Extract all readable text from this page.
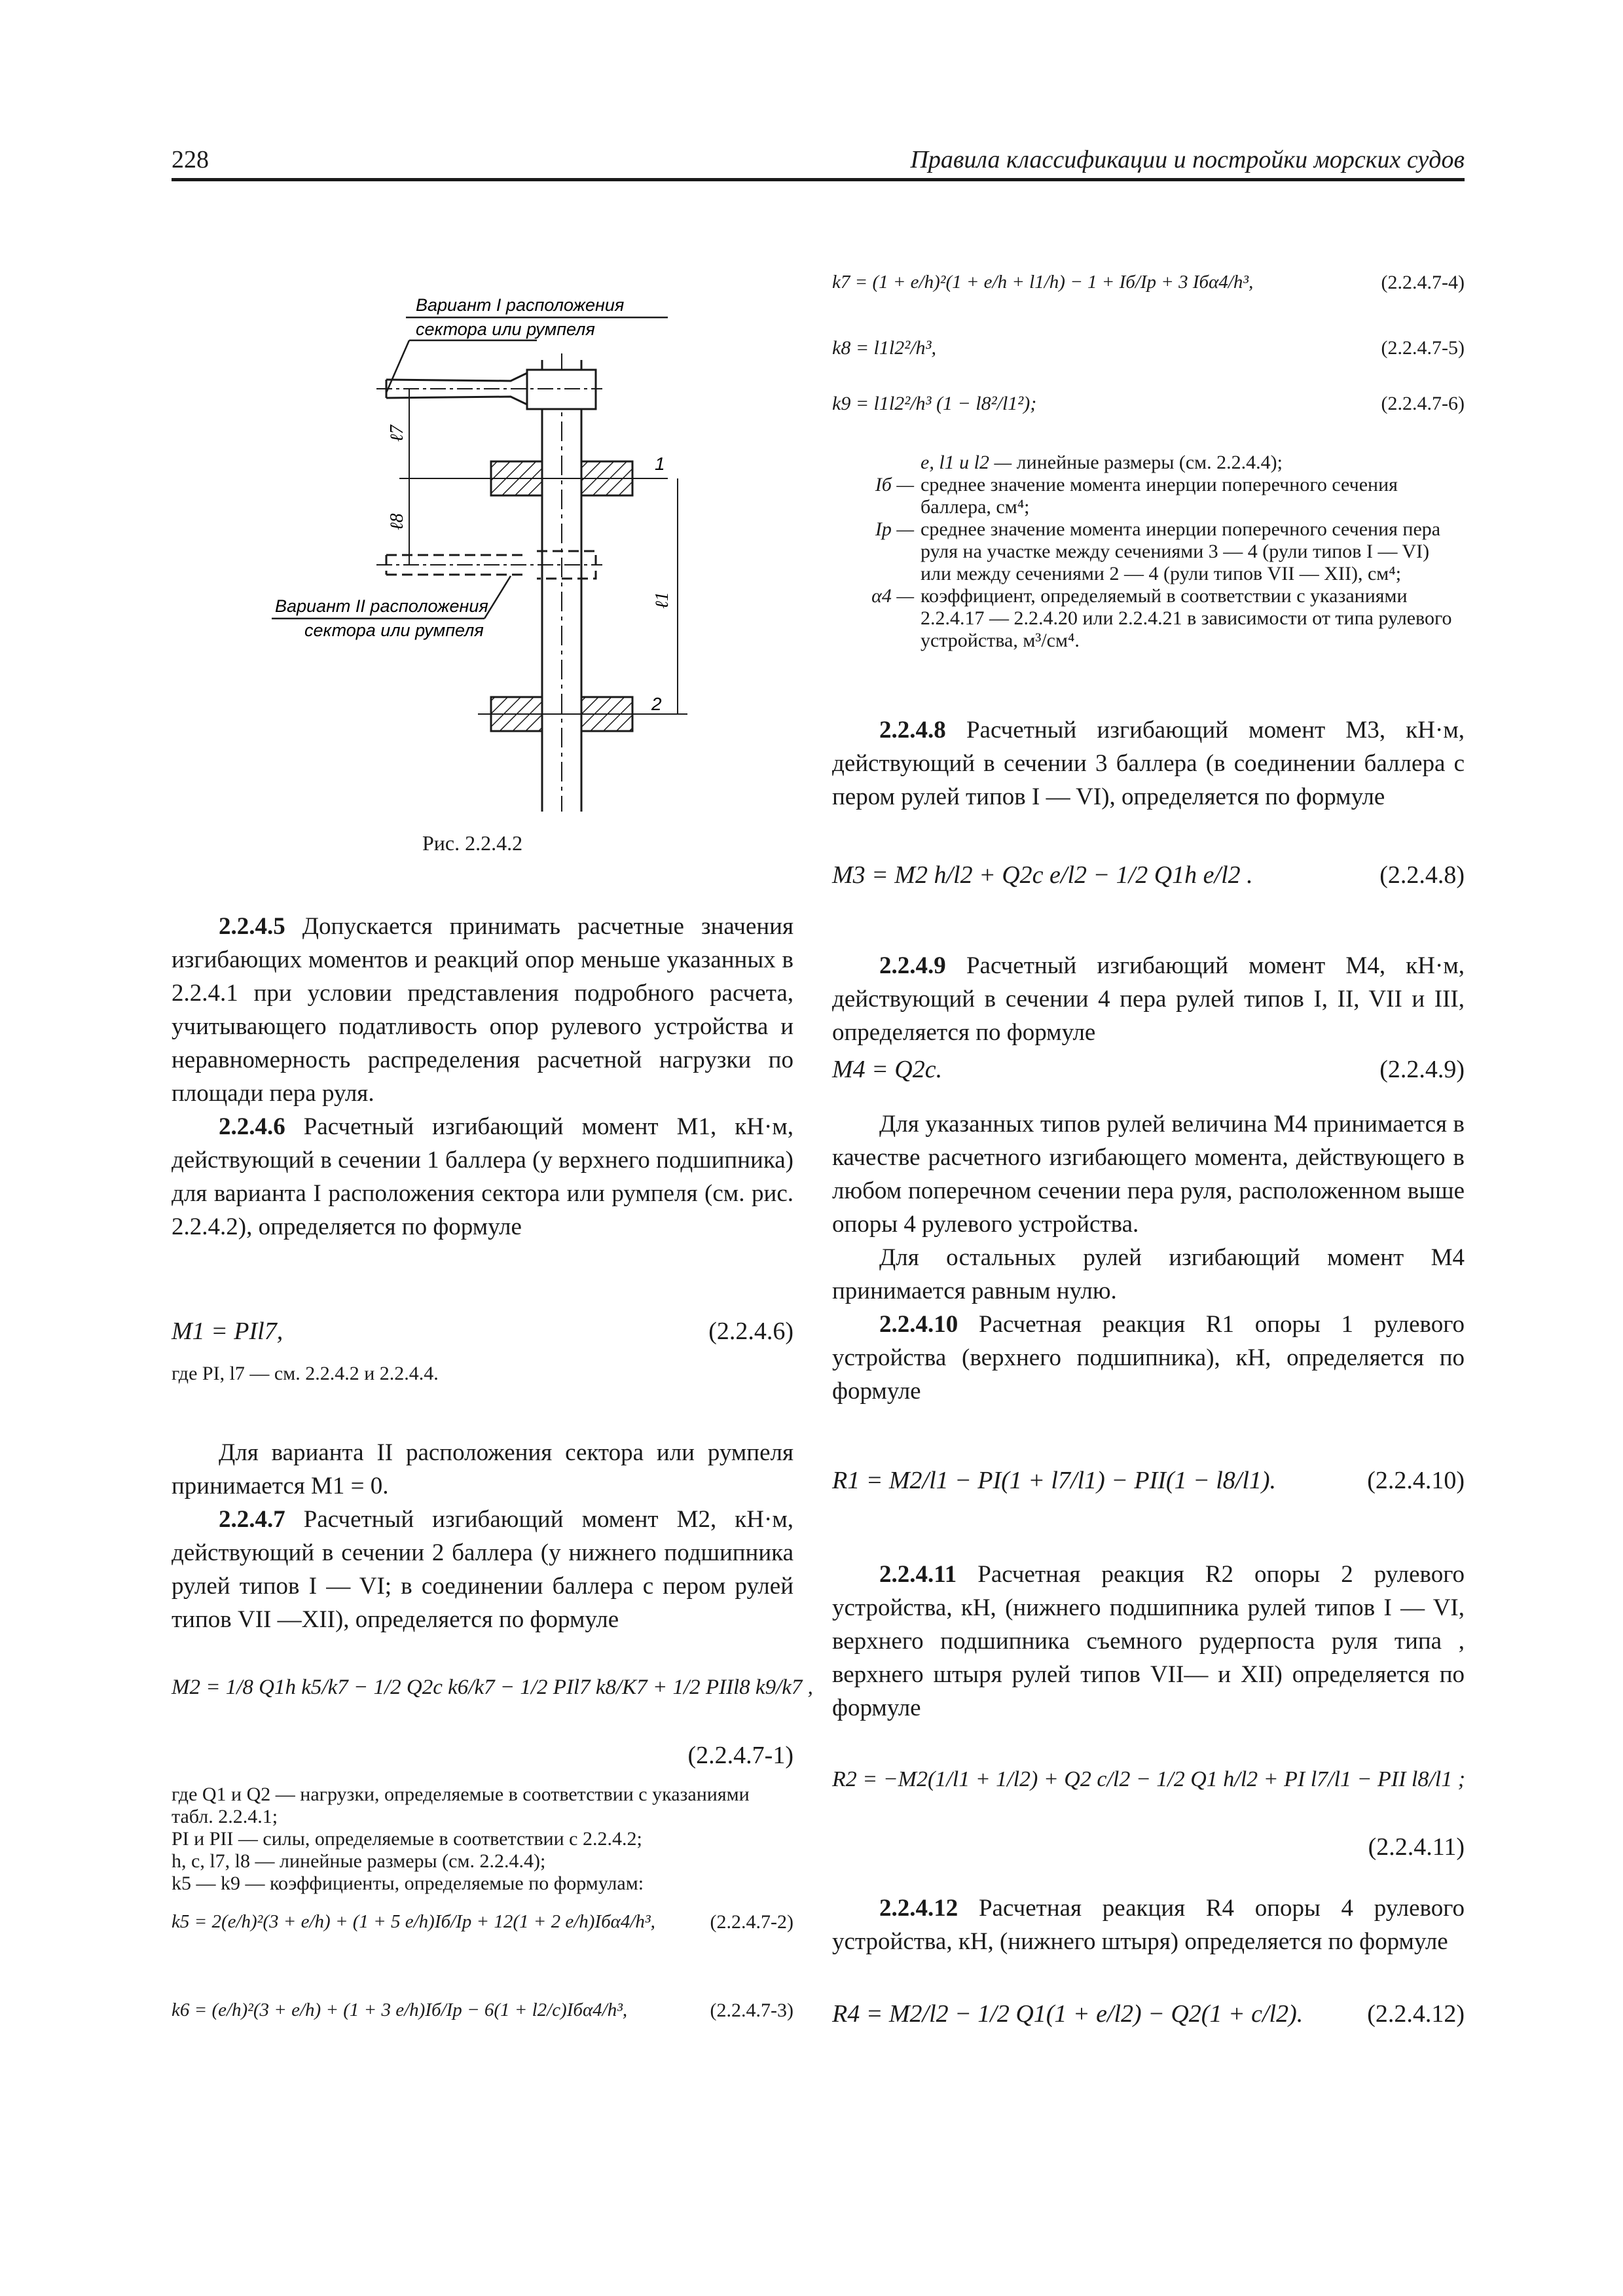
228	Правила классификации и постройки морских судов
Вариант I расположения
сектора или румпеля
1
ℓ7
ℓ8
Вариант II расположения
сектора или румпеля
2
ℓ1
Рис. 2.2.4.2

2.2.4.5 Допускается принимать расчетные значения изгибающих моментов и реакций опор меньше указанных в 2.2.4.1 при условии представления подробного расчета, учитывающего податливость опор рулевого устройства и неравномерность распределения расчетной нагрузки по площади пера руля.

2.2.4.6 Расчетный изгибающий момент M1, кН·м, действующий в сечении 1 баллера (у верхнего подшипника) для варианта I расположения сектора или румпеля (см. рис. 2.2.4.2), определяется по формуле

M1 = PIl7,	(2.2.4.6)
где PI, l7 — см. 2.2.4.2 и 2.2.4.4.

Для варианта II расположения сектора или румпеля принимается M1 = 0.

2.2.4.7 Расчетный изгибающий момент M2, кН·м, действующий в сечении 2 баллера (у нижнего подшипника рулей типов I — VI; в соединении баллера с пером рулей типов VII —XII), определяется по формуле

M2 = 1/8 Q1h k5/k7 − 1/2 Q2c k6/k7 − 1/2 PIl7 k8/K7 + 1/2 PIIl8 k9/k7 ,
(2.2.4.7-1)
где Q1 и Q2 — нагрузки, определяемые в соответствии с указаниями табл. 2.2.4.1;
PI и PII — силы, определяемые в соответствии с 2.2.4.2;
h, c, l7, l8 — линейные размеры (см. 2.2.4.4);
k5 — k9 — коэффициенты, определяемые по формулам:
k5 = 2(e/h)²(3 + e/h) + (1 + 5 e/h)Iб/Iр + 12(1 + 2 e/h)Iбα4/h³,	(2.2.4.7-2)
k6 = (e/h)²(3 + e/h) + (1 + 3 e/h)Iб/Iр − 6(1 + l2/c)Iбα4/h³,	(2.2.4.7-3)
k7 = (1 + e/h)²(1 + e/h + l1/h) − 1 + Iб/Iр + 3 Iбα4/h³,	(2.2.4.7-4)
k8 = l1l2²/h³,	(2.2.4.7-5)
k9 = l1l2²/h³ (1 − l8²/l1²);	(2.2.4.7-6)
e, l1 и l2 — линейные размеры (см. 2.2.4.4);
Iб — среднее значение момента инерции поперечного сечения баллера, см⁴;
Iр — среднее значение момента инерции поперечного сечения пера руля на участке между сечениями 3 — 4 (рули типов I — VI) или между сечениями 2 — 4 (рули типов VII — XII), см⁴;
α4 — коэффициент, определяемый в соответствии с указаниями 2.2.4.17 — 2.2.4.20 или 2.2.4.21 в зависимости от типа рулевого устройства, м³/см⁴.

2.2.4.8 Расчетный изгибающий момент M3, кН·м, действующий в сечении 3 баллера (в соединении баллера с пером рулей типов I — VI), определяется по формуле

M3 = M2 h/l2 + Q2c e/l2 − 1/2 Q1h e/l2 .	(2.2.4.8)

2.2.4.9 Расчетный изгибающий момент M4, кН·м, действующий в сечении 4 пера рулей типов I, II, VII и III, определяется по формуле

M4 = Q2c.	(2.2.4.9)

Для указанных типов рулей величина M4 принимается в качестве расчетного изгибающего момента, действующего в любом поперечном сечении пера руля, расположенном выше опоры 4 рулевого устройства.

Для остальных рулей изгибающий момент M4 принимается равным нулю.

2.2.4.10 Расчетная реакция R1 опоры 1 рулевого устройства (верхнего подшипника), кН, определяется по формуле

R1 = M2/l1 − PI(1 + l7/l1) − PII(1 − l8/l1).	(2.2.4.10)

2.2.4.11 Расчетная реакция R2 опоры 2 рулевого устройства, кН, (нижнего подшипника рулей типов I — VI, верхнего подшипника съемного рудерпоста руля типа , верхнего штыря рулей типов VII— и XII) определяется по формуле

R2 = −M2(1/l1 + 1/l2) + Q2 c/l2 − 1/2 Q1 h/l2 + PI l7/l1 − PII l8/l1 ;
(2.2.4.11)

2.2.4.12 Расчетная реакция R4 опоры 4 рулевого устройства, кН, (нижнего штыря) определяется по формуле

R4 = M2/l2 − 1/2 Q1(1 + e/l2) − Q2(1 + c/l2).	(2.2.4.12)
